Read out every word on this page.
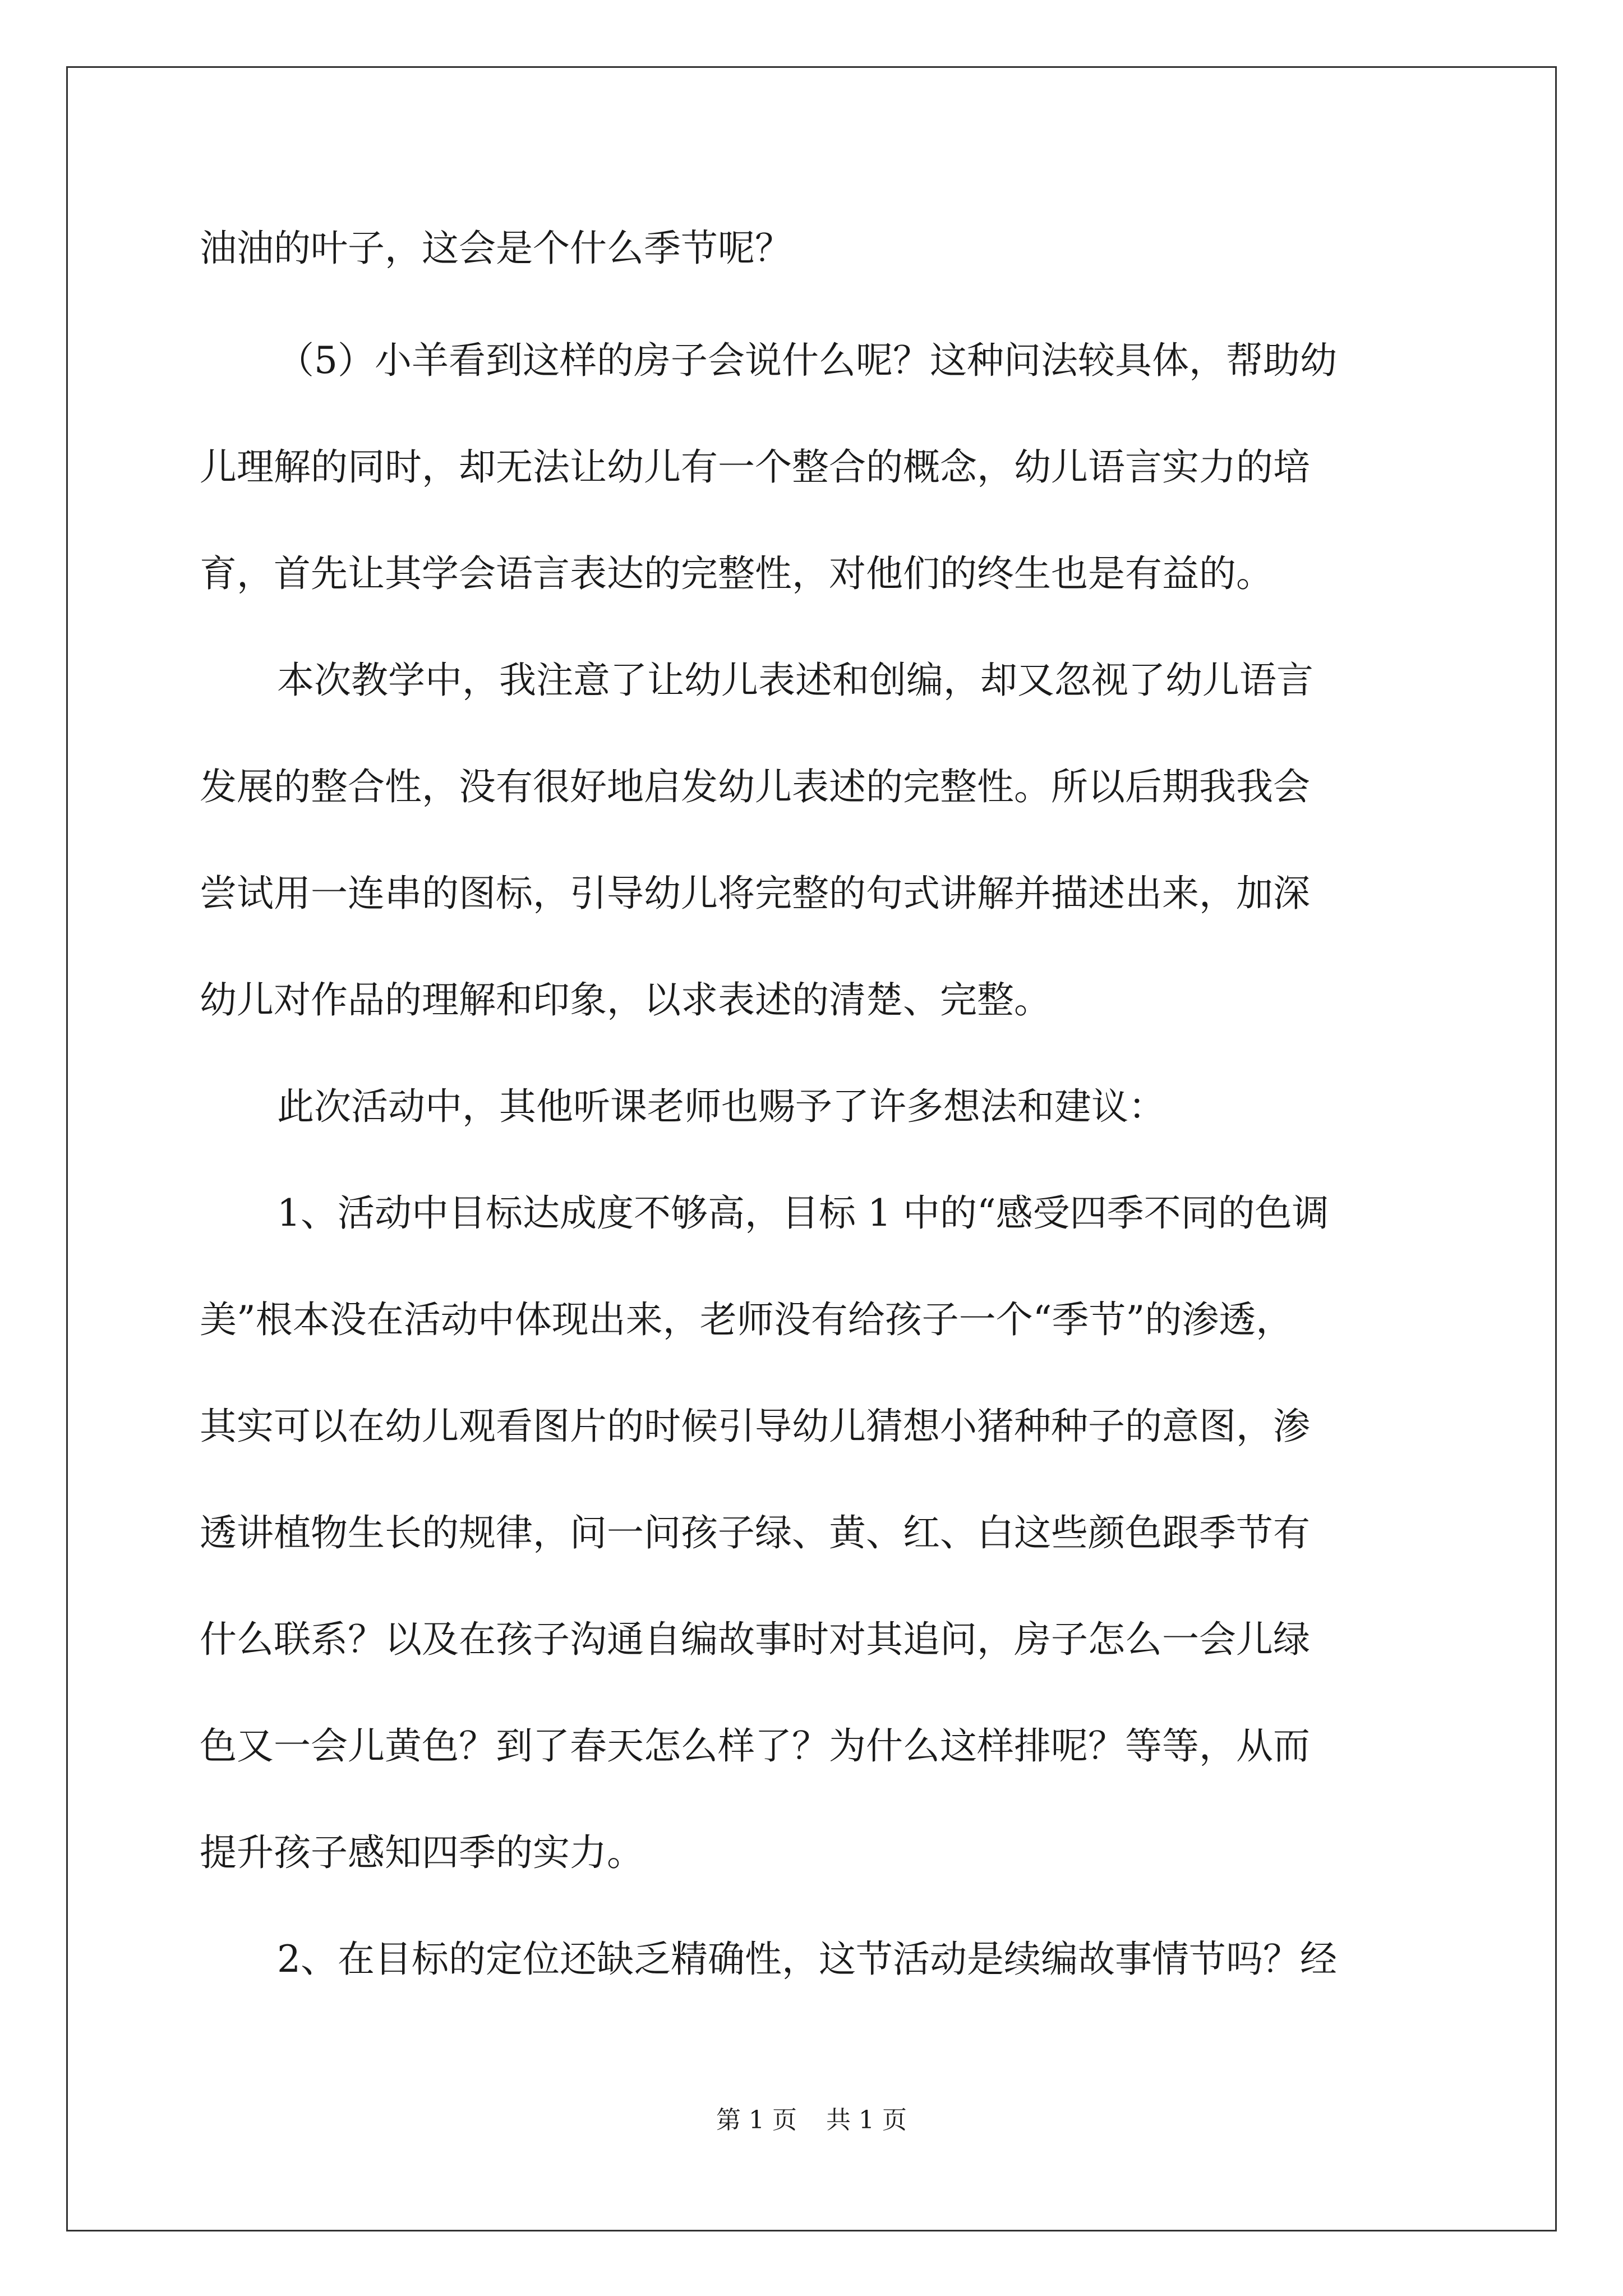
油油的叶子，这会是个什么季节呢？
（5）小羊看到这样的房子会说什么呢？这种问法较具体，帮助幼
儿理解的同时，却无法让幼儿有一个整合的概念，幼儿语言实力的培
育，首先让其学会语言表达的完整性，对他们的终生也是有益的。
本次教学中，我注意了让幼儿表述和创编，却又忽视了幼儿语言
发展的整合性，没有很好地启发幼儿表述的完整性。所以后期我我会
尝试用一连串的图标，引导幼儿将完整的句式讲解并描述出来，加深
幼儿对作品的理解和印象，以求表述的清楚、完整。
此次活动中，其他听课老师也赐予了许多想法和建议：
1、活动中目标达成度不够高，目标 1 中的“感受四季不同的色调
美”根本没在活动中体现出来，老师没有给孩子一个“季节”的渗透，
其实可以在幼儿观看图片的时候引导幼儿猜想小猪种种子的意图，渗
透讲植物生长的规律，问一问孩子绿、黄、红、白这些颜色跟季节有
什么联系？以及在孩子沟通自编故事时对其追问，房子怎么一会儿绿
色又一会儿黄色？到了春天怎么样了？为什么这样排呢？等等，从而
提升孩子感知四季的实力。
2、在目标的定位还缺乏精确性，这节活动是续编故事情节吗？经
第 1 页 共 1 页
